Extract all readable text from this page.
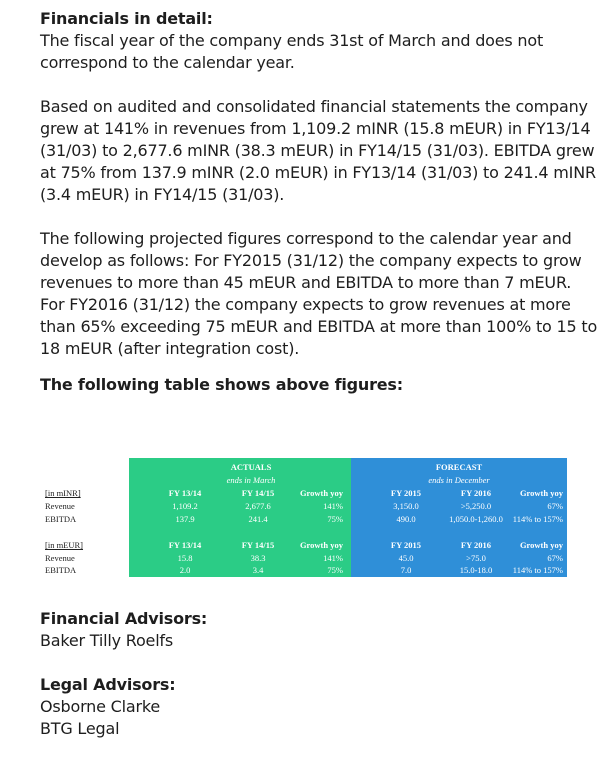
Financials in detail:

The fiscal year of the company ends 31st of March and does not correspond to the calendar year.

Based on audited and consolidated financial statements the company grew at 141% in revenues from 1,109.2 mINR (15.8 mEUR) in FY13/14 (31/03) to 2,677.6 mINR (38.3 mEUR) in FY14/15 (31/03). EBITDA grew at 75% from 137.9 mINR (2.0 mEUR) in FY13/14 (31/03) to 241.4 mINR (3.4 mEUR) in FY14/15 (31/03).

The following projected figures correspond to the calendar year and develop as follows: For FY2015 (31/12) the company expects to grow revenues to more than 45 mEUR and EBITDA to more than 7 mEUR. For FY2016 (31/12) the company expects to grow revenues at more than 65% exceeding 75 mEUR and EBITDA at more than 100% to 15 to 18 mEUR (after integration cost).

The following table shows above figures:

ACTUALS
ends in March
FORECAST
ends in December
[in mINR]	FY 13/14	FY 14/15	Growth yoy	FY 2015	FY 2016	Growth yoy
Revenue	1,109.2	2,677.6	141%	3,150.0	>5,250.0	67%
EBITDA	137.9	241.4	75%	490.0	1,050.0-1,260.0	114% to 157%
[in mEUR]	FY 13/14	FY 14/15	Growth yoy	FY 2015	FY 2016	Growth yoy
Revenue	15.8	38.3	141%	45.0	>75.0	67%
EBITDA	2.0	3.4	75%	7.0	15.0-18.0	114% to 157%

Financial Advisors:

Baker Tilly Roelfs

Legal Advisors:

Osborne Clarke

BTG Legal
